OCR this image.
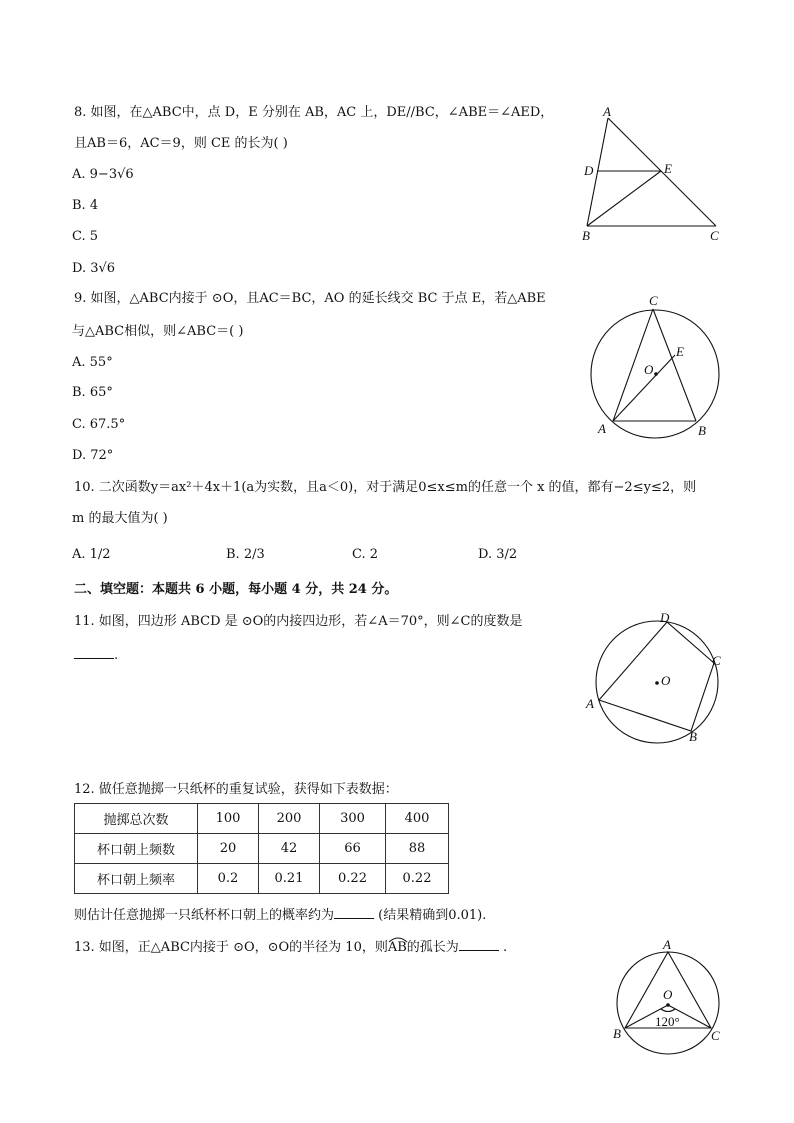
8. 如图，在△ABC中，点 D，E 分别在 AB，AC 上，DE//BC，∠ABE＝∠AED，
且AB＝6，AC＝9，则 CE 的长为( )
A. 9−3√6
B. 4
C. 5
D. 3√6
A
B	C
D	E
9. 如图，△ABC内接于 ⊙O，且AC＝BC，AO 的延长线交 BC 于点 E，若△ABE
与△ABC相似，则∠ABC＝( )
A. 55°
B. 65°
C. 67.5°
D. 72°
C
A	B
E
O
10. 二次函数y＝ax²＋4x＋1(a为实数，且a＜0)，对于满足0≤x≤m的任意一个 x 的值，都有−2≤y≤2，则
m 的最大值为( )
A. 1/2	B. 2/3	C. 2	D. 3/2
二、填空题：本题共 6 小题，每小题 4 分，共 24 分。
11. 如图，四边形 ABCD 是 ⊙O的内接四边形，若∠A＝70°，则∠C的度数是
.
D
C
A
B
O
12. 做任意抛掷一只纸杯的重复试验，获得如下表数据：
抛掷总次数	100	200	300	400
杯口朝上频数	20	42	66	88
杯口朝上频率	0.2	0.21	0.22	0.22
则估计任意抛掷一只纸杯杯口朝上的概率约为	(结果精确到0.01).
13. 如图，正△ABC内接于 ⊙O，⊙O的半径为 10，则
AB的孤长为	.	A
B	C
O
120°
